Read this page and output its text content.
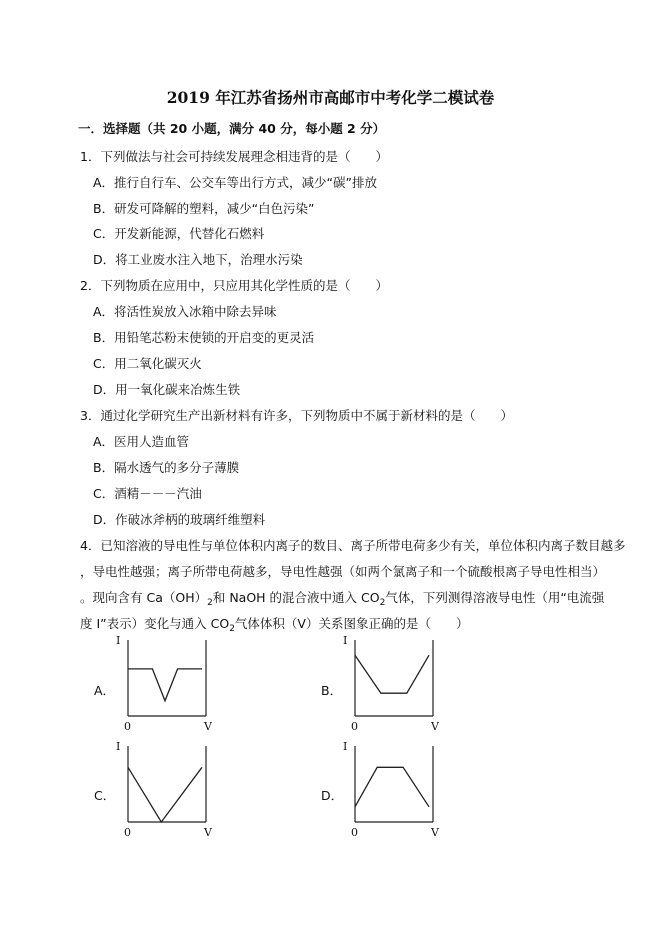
2019 年江苏省扬州市高邮市中考化学二模试卷
一．选择题（共 20 小题，满分 40 分，每小题 2 分）
1．下列做法与社会可持续发展理念相违背的是（　　）
A．推行自行车、公交车等出行方式，减少“碳”排放
B．研发可降解的塑料，减少“白色污染”
C．开发新能源，代替化石燃料
D．将工业废水注入地下，治理水污染
2．下列物质在应用中，只应用其化学性质的是（　　）
A．将活性炭放入冰箱中除去异味
B．用铅笔芯粉末使锁的开启变的更灵活
C．用二氧化碳灭火
D．用一氧化碳来冶炼生铁
3．通过化学研究生产出新材料有许多，下列物质中不属于新材料的是（　　）
A．医用人造血管
B．隔水透气的多分子薄膜
C．酒精－－－汽油
D．作破冰斧柄的玻璃纤维塑料
4．已知溶液的导电性与单位体积内离子的数目、离子所带电荷多少有关，单位体积内离子数目越多
，导电性越强；离子所带电荷越多，导电性越强（如两个氯离子和一个硫酸根离子导电性相当）
。现向含有 $Ca(OH)_2$和 NaOH 的混合液中通入 $CO_2$气体，下列测得溶液导电性（用“电流强
度 I”表示）变化与通入 $CO_2$气体体积（V）关系图象正确的是（　　）
A．	B．
C．	D．
I
V
0
I
V
0
I
V
0
I
V
0
